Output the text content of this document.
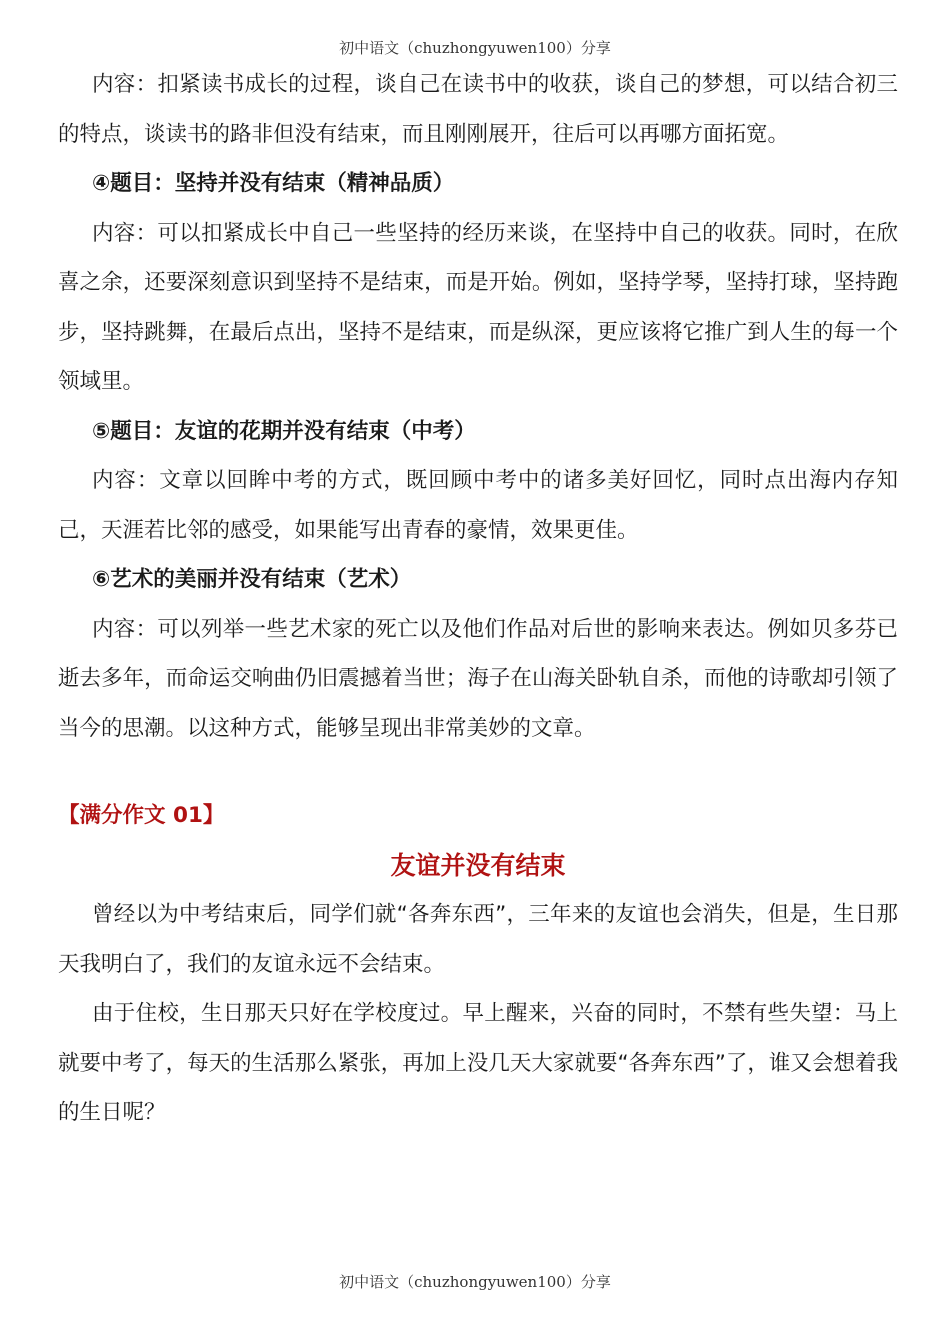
初中语文（chuzhongyuwen100）分享

内容：扣紧读书成长的过程，谈自己在读书中的收获，谈自己的梦想，可以结合初三的特点，谈读书的路非但没有结束，而且刚刚展开，往后可以再哪方面拓宽。

④题目：坚持并没有结束（精神品质）

内容：可以扣紧成长中自己一些坚持的经历来谈，在坚持中自己的收获。同时，在欣喜之余，还要深刻意识到坚持不是结束，而是开始。例如，坚持学琴，坚持打球，坚持跑步，坚持跳舞，在最后点出，坚持不是结束，而是纵深，更应该将它推广到人生的每一个领域里。

⑤题目：友谊的花期并没有结束（中考）

内容：文章以回眸中考的方式，既回顾中考中的诸多美好回忆，同时点出海内存知己，天涯若比邻的感受，如果能写出青春的豪情，效果更佳。

⑥艺术的美丽并没有结束（艺术）

内容：可以列举一些艺术家的死亡以及他们作品对后世的影响来表达。例如贝多芬已逝去多年，而命运交响曲仍旧震撼着当世；海子在山海关卧轨自杀，而他的诗歌却引领了当今的思潮。以这种方式，能够呈现出非常美妙的文章。

【满分作文 01】

友谊并没有结束

曾经以为中考结束后，同学们就“各奔东西”，三年来的友谊也会消失，但是，生日那天我明白了，我们的友谊永远不会结束。

由于住校，生日那天只好在学校度过。早上醒来，兴奋的同时，不禁有些失望：马上就要中考了，每天的生活那么紧张，再加上没几天大家就要“各奔东西”了，谁又会想着我的生日呢？

初中语文（chuzhongyuwen100）分享
